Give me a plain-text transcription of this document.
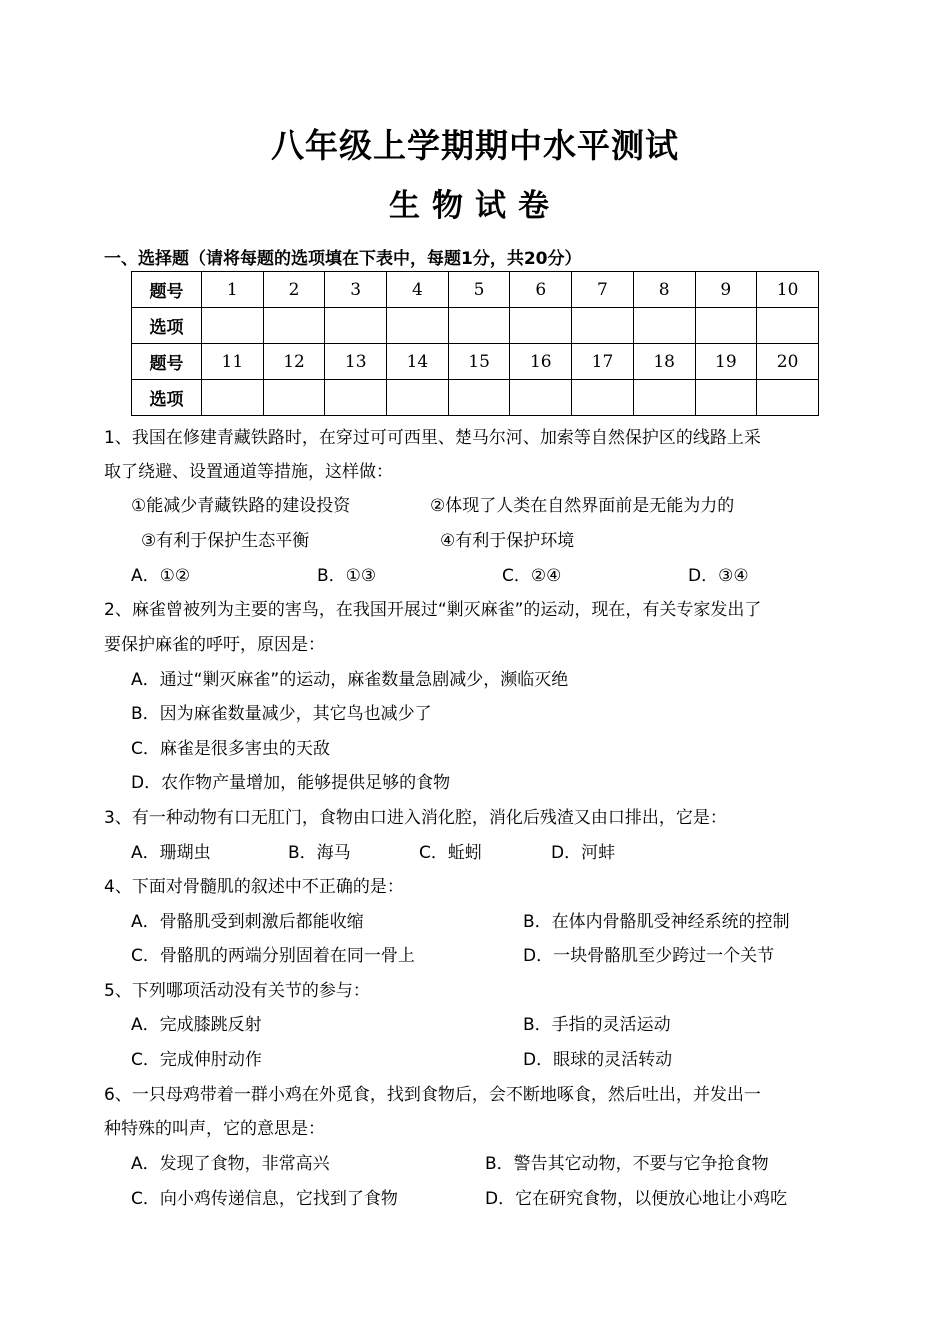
八年级上学期期中水平测试
生物试卷
一、选择题（请将每题的选项填在下表中，每题1分，共20分）
题号	1	2	3	4	5	6	7	8	9	10
选项										
题号	11	12	13	14	15	16	17	18	19	20
选项										
1、我国在修建青藏铁路时，在穿过可可西里、楚马尔河、加索等自然保护区的线路上采
取了绕避、设置通道等措施，这样做：
①能减少青藏铁路的建设投资	②体现了人类在自然界面前是无能为力的
③有利于保护生态平衡	④有利于保护环境
A．①②	B．①③	C．②④	D．③④
2、麻雀曾被列为主要的害鸟，在我国开展过“剿灭麻雀”的运动，现在，有关专家发出了
要保护麻雀的呼吁，原因是：
A．通过“剿灭麻雀”的运动，麻雀数量急剧减少，濒临灭绝
B．因为麻雀数量减少，其它鸟也减少了
C．麻雀是很多害虫的天敌
D．农作物产量增加，能够提供足够的食物
3、有一种动物有口无肛门，食物由口进入消化腔，消化后残渣又由口排出，它是：
A．珊瑚虫	B．海马	C．蚯蚓	D．河蚌
4、下面对骨髓肌的叙述中不正确的是：
A．骨骼肌受到刺激后都能收缩	B．在体内骨骼肌受神经系统的控制
C．骨骼肌的两端分别固着在同一骨上	D．一块骨骼肌至少跨过一个关节
5、下列哪项活动没有关节的参与：
A．完成膝跳反射	B．手指的灵活运动
C．完成伸肘动作	D．眼球的灵活转动
6、一只母鸡带着一群小鸡在外觅食，找到食物后，会不断地啄食，然后吐出，并发出一
种特殊的叫声，它的意思是：
A．发现了食物，非常高兴	B．警告其它动物，不要与它争抢食物
C．向小鸡传递信息，它找到了食物	D．它在研究食物，以便放心地让小鸡吃
